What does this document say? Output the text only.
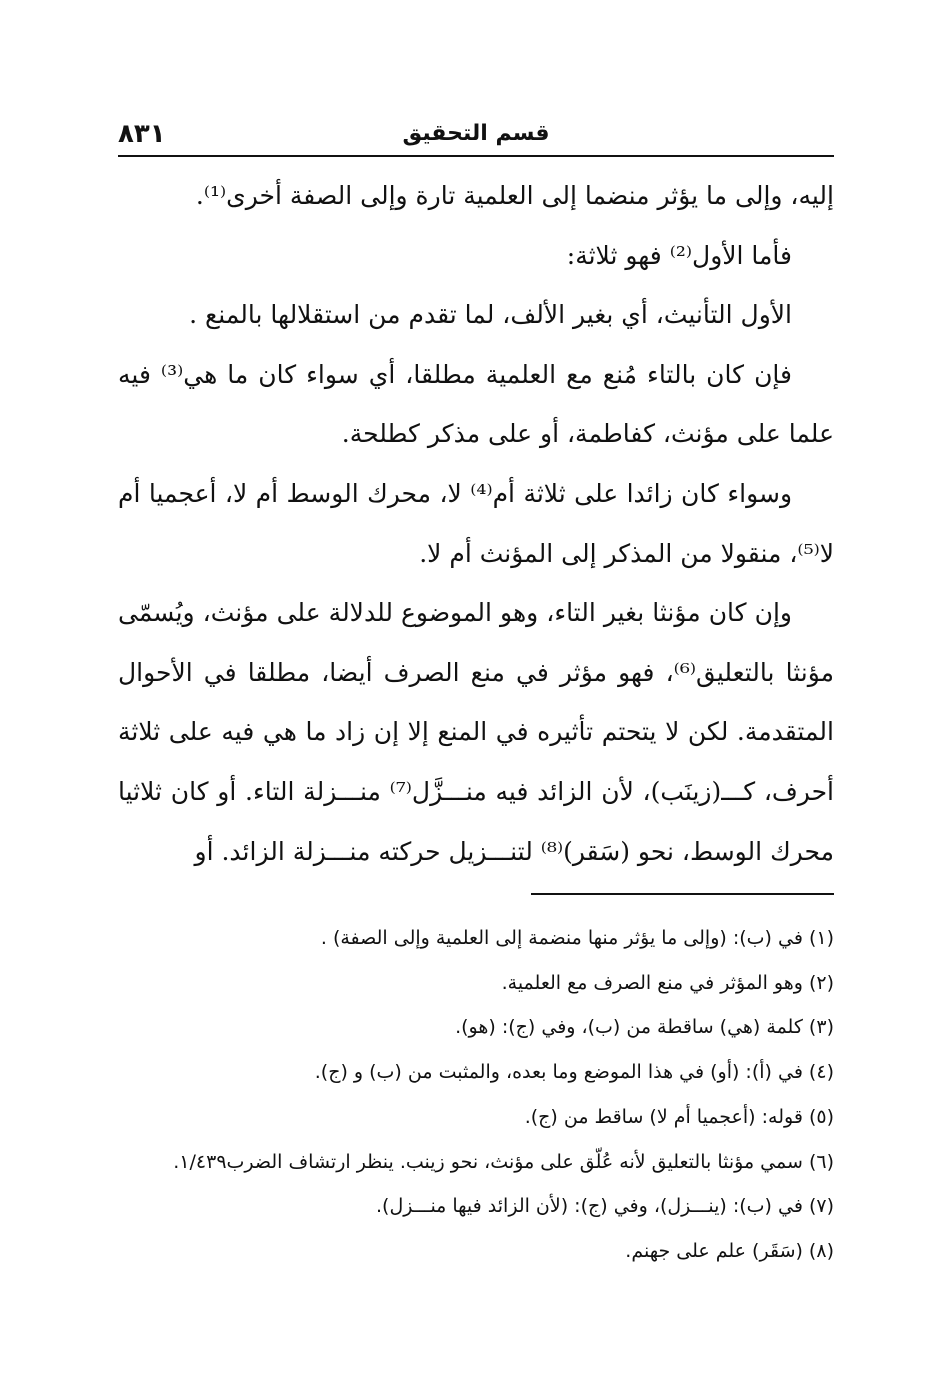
قسم التحقيق
٨٣١

إليه، وإلى ما يؤثر منضما إلى العلمية تارة وإلى الصفة أخرى⁽¹⁾.

فأما الأول⁽²⁾ فهو ثلاثة:

الأول التأنيث، أي بغير الألف، لما تقدم من استقلالها بالمنع .

فإن كان بالتاء مُنع مع العلمية مطلقا، أي سواء كان ما هي⁽³⁾ فيه علما على مؤنث، كفاطمة، أو على مذكر كطلحة.

وسواء كان زائدا على ثلاثة أم⁽⁴⁾ لا، محرك الوسط أم لا، أعجميا أم لا⁽⁵⁾، منقولا من المذكر إلى المؤنث أم لا.

وإن كان مؤنثا بغير التاء، وهو الموضوع للدلالة على مؤنث، ويُسمّى مؤنثا بالتعليق⁽⁶⁾، فهو مؤثر في منع الصرف أيضا، مطلقا في الأحوال المتقدمة. لكن لا يتحتم تأثيره في المنع إلا إن زاد ما هي فيه على ثلاثة أحرف، كـــ(زينَب)، لأن الزائد فيه منـــزَّل⁽⁷⁾ منـــزلة التاء. أو كان ثلاثيا محرك الوسط، نحو (سَقر)⁽⁸⁾ لتنـــزيل حركته منـــزلة الزائد. أو

(١) في (ب): (وإلى ما يؤثر منها منضمة إلى العلمية وإلى الصفة) .
(٢) وهو المؤثر في منع الصرف مع العلمية.
(٣) كلمة (هي) ساقطة من (ب)، وفي (ج): (هو).
(٤) في (أ): (أو) في هذا الموضع وما بعده، والمثبت من (ب) و (ج).
(٥) قوله: (أعجميا أم لا) ساقط من (ج).
(٦) سمي مؤنثا بالتعليق لأنه عُلّق على مؤنث، نحو زينب. ينظر ارتشاف الضرب١/٤٣٩.
(٧) في (ب): (ينـــزل)، وفي (ج): (لأن الزائد فيها منـــزل).
(٨) (سَقَر) علم على جهنم.
